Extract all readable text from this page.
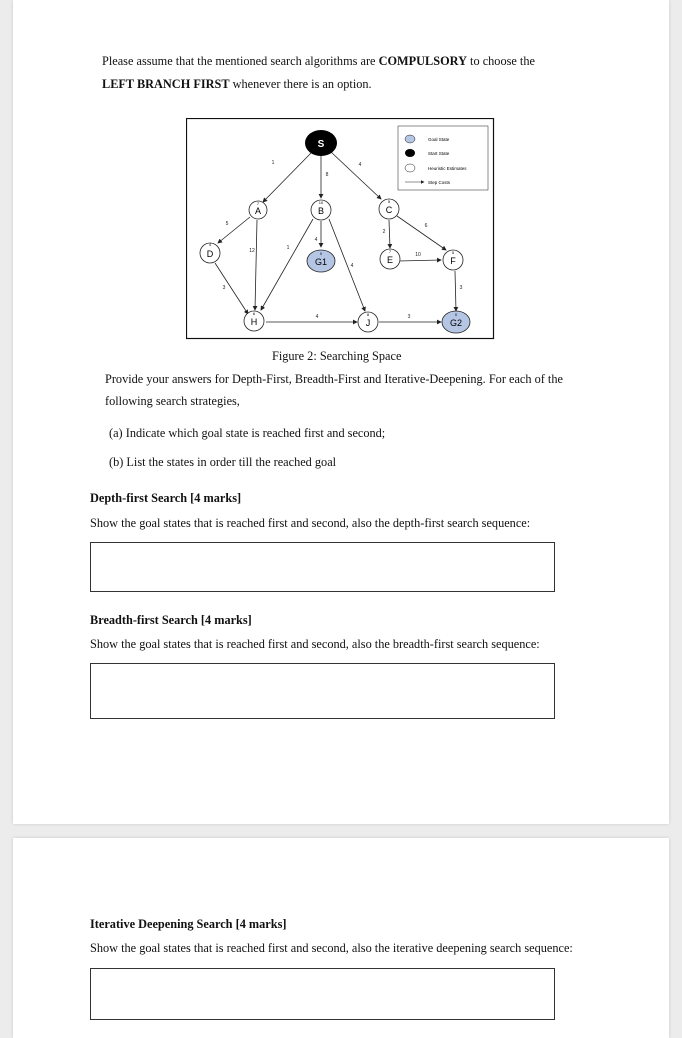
Please assume that the mentioned search algorithms are COMPULSORY to choose the
LEFT BRANCH FIRST whenever there is an option.
1
8
4
5
12
4
1
4
2
6
10
3
4	3
3
S
7
A
10
B
5
C
4
D	0
G1
7
E
5
F
6
H
8
J
0
G2
Goal State
Start State
Heuristic Estimates
Step Costs
Figure 2: Searching Space
Provide your answers for Depth-First, Breadth-First and Iterative-Deepening. For each of the
following search strategies,
(a) Indicate which goal state is reached first and second;
(b) List the states in order till the reached goal
Depth-first Search [4 marks]
Show the goal states that is reached first and second, also the depth-first search sequence:
Breadth-first Search [4 marks]
Show the goal states that is reached first and second, also the breadth-first search sequence:
Iterative Deepening Search [4 marks]
Show the goal states that is reached first and second, also the iterative deepening search sequence:
